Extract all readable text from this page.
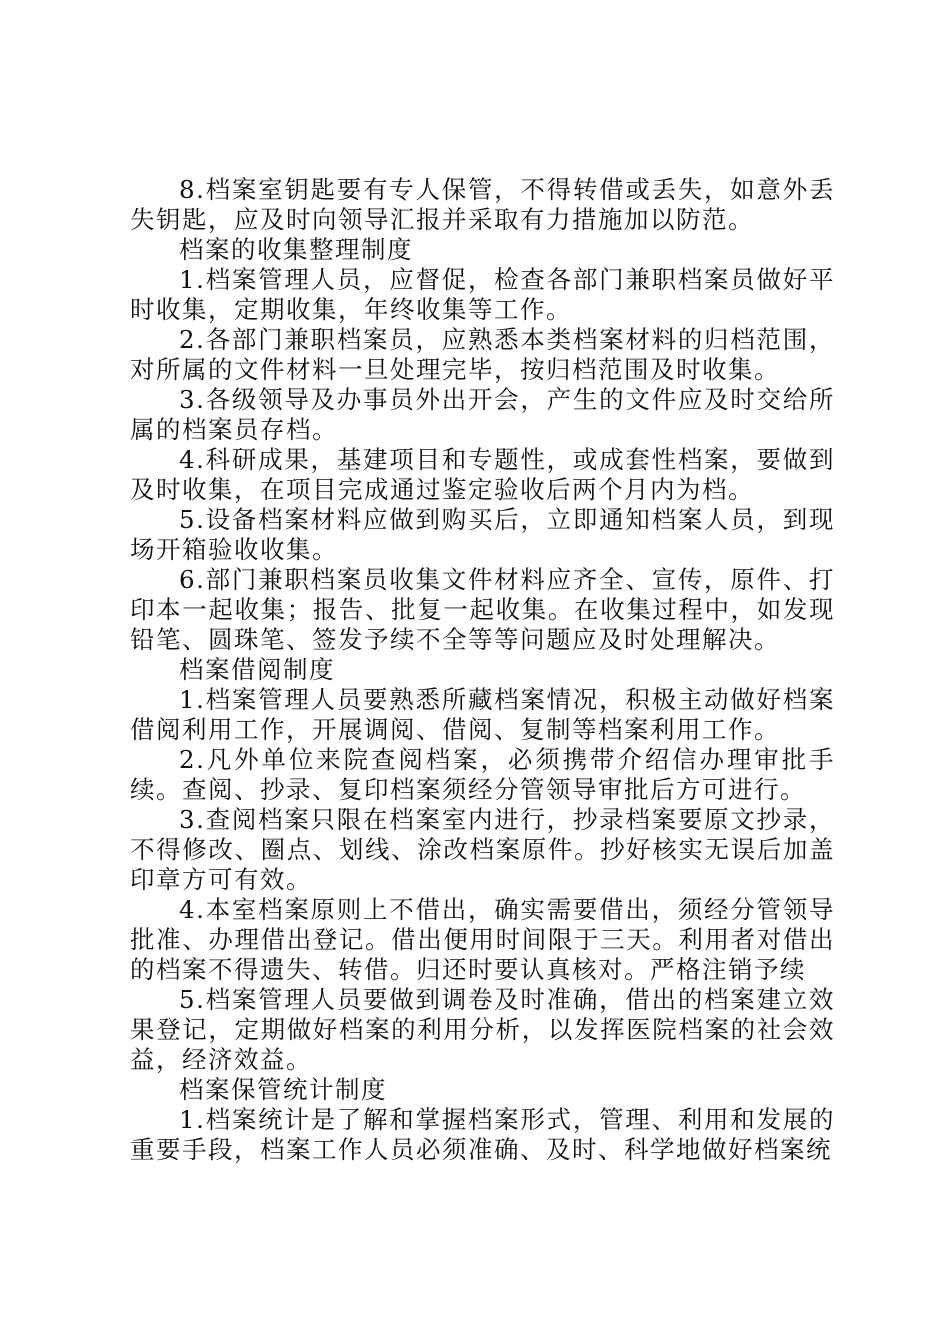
8.档案室钥匙要有专人保管，不得转借或丢失，如意外丢失钥匙，应及时向领导汇报并采取有力措施加以防范。

档案的收集整理制度

1.档案管理人员，应督促，检查各部门兼职档案员做好平时收集，定期收集，年终收集等工作。

2.各部门兼职档案员，应熟悉本类档案材料的归档范围，对所属的文件材料一旦处理完毕，按归档范围及时收集。

3.各级领导及办事员外出开会，产生的文件应及时交给所属的档案员存档。

4.科研成果，基建项目和专题性，或成套性档案，要做到及时收集，在项目完成通过鉴定验收后两个月内为档。

5.设备档案材料应做到购买后，立即通知档案人员，到现场开箱验收收集。

6.部门兼职档案员收集文件材料应齐全、宣传，原件、打印本一起收集；报告、批复一起收集。在收集过程中，如发现铅笔、圆珠笔、签发予续不全等等问题应及时处理解决。

档案借阅制度

1.档案管理人员要熟悉所藏档案情况，积极主动做好档案借阅利用工作，开展调阅、借阅、复制等档案利用工作。

2.凡外单位来院查阅档案，必须携带介绍信办理审批手续。查阅、抄录、复印档案须经分管领导审批后方可进行。

3.查阅档案只限在档案室内进行，抄录档案要原文抄录，不得修改、圈点、划线、涂改档案原件。抄好核实无误后加盖印章方可有效。

4.本室档案原则上不借出，确实需要借出，须经分管领导批准、办理借出登记。借出便用时间限于三天。利用者对借出的档案不得遗失、转借。归还时要认真核对。严格注销予续

5.档案管理人员要做到调卷及时准确，借出的档案建立效果登记，定期做好档案的利用分析，以发挥医院档案的社会效益，经济效益。

档案保管统计制度

1.档案统计是了解和掌握档案形式，管理、利用和发展的重要手段，档案工作人员必须准确、及时、科学地做好档案统
